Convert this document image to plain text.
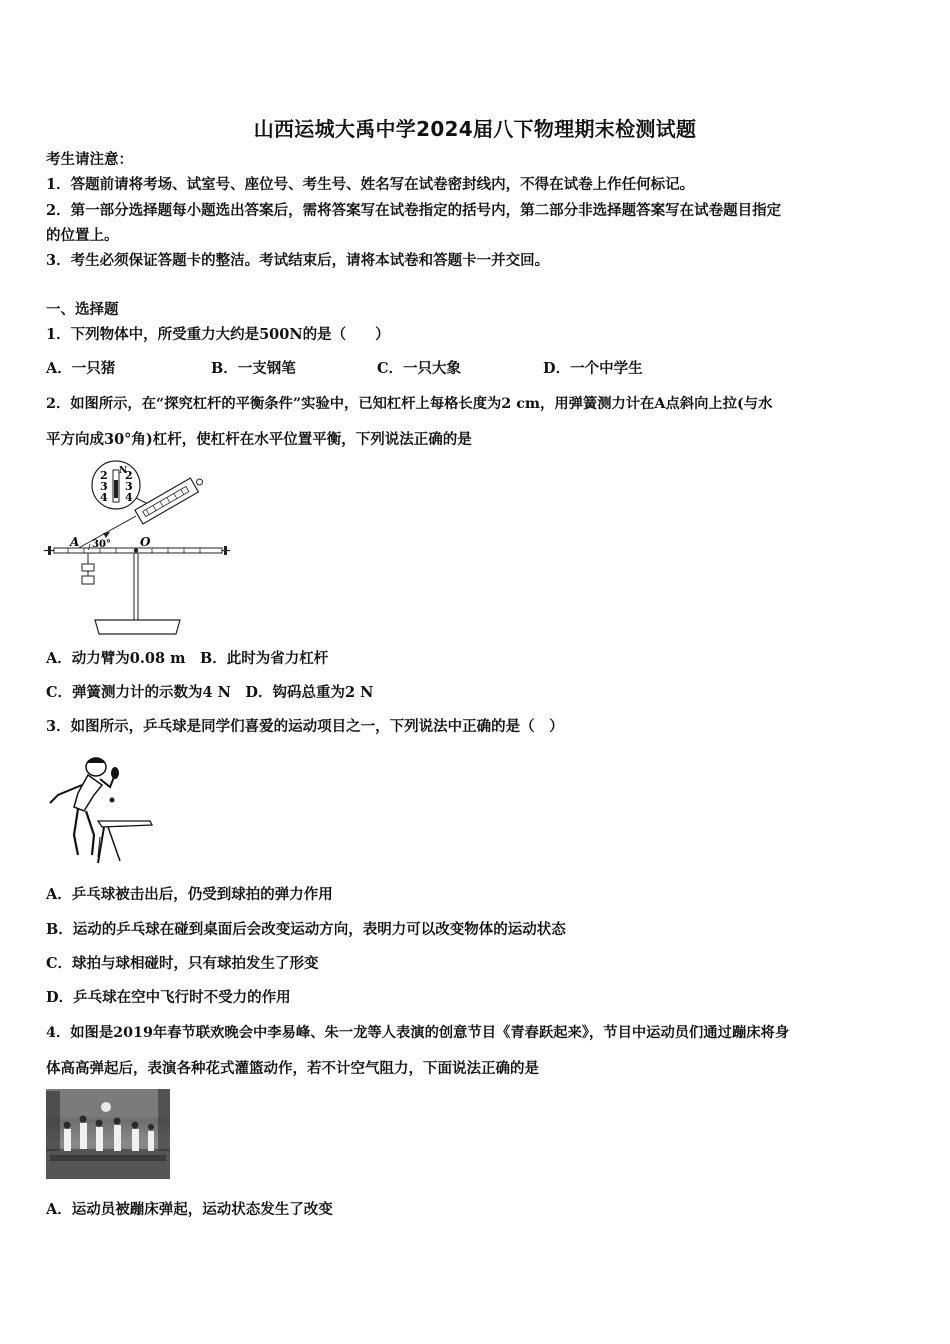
山西运城大禹中学2024届八下物理期末检测试题
考生请注意：
1．答题前请将考场、试室号、座位号、考生号、姓名写在试卷密封线内，不得在试卷上作任何标记。
2．第一部分选择题每小题选出答案后，需将答案写在试卷指定的括号内，第二部分非选择题答案写在试卷题目指定
的位置上。
3．考生必须保证答题卡的整洁。考试结束后，请将本试卷和答题卡一并交回。
一、选择题
1．下列物体中，所受重力大约是500N的是（　　）
A．一只猪	B．一支钢笔	C．一只大象	D．一个中学生
2．如图所示，在“探究杠杆的平衡条件”实验中，已知杠杆上每格长度为2 cm，用弹簧测力计在A点斜向上拉(与水
平方向成30°角)杠杆，使杠杆在水平位置平衡，下列说法正确的是
N
2
3
4
2
3
4
A	O
30°
A．动力臂为0.08 m　B．此时为省力杠杆
C．弹簧测力计的示数为4 N　D．钩码总重为2 N
3．如图所示，乒乓球是同学们喜爱的运动项目之一，下列说法中正确的是（　）
A．乒乓球被击出后，仍受到球拍的弹力作用
B．运动的乒乓球在碰到桌面后会改变运动方向，表明力可以改变物体的运动状态
C．球拍与球相碰时，只有球拍发生了形变
D．乒乓球在空中飞行时不受力的作用
4．如图是2019年春节联欢晚会中李易峰、朱一龙等人表演的创意节目《青春跃起来》，节目中运动员们通过蹦床将身
体高高弹起后，表演各种花式灌篮动作，若不计空气阻力，下面说法正确的是
A．运动员被蹦床弹起，运动状态发生了改变
